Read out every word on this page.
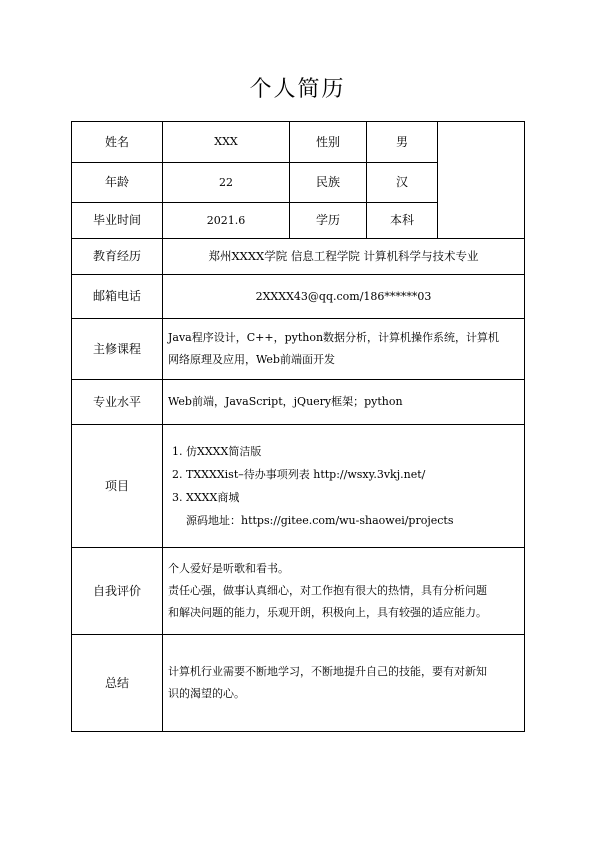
个人简历
姓名	XXX	性别	男	
年龄	22	民族	汉	
毕业时间	2021.6	学历	本科	
教育经历	郑州XXXX学院 信息工程学院 计算机科学与技术专业			
邮箱电话	2XXXX43@qq.com/186******03			
主修课程	Java程序设计，C++，python数据分析，计算机操作系统，计算机
网络原理及应用，Web前端面开发			

专业水平	Web前端，JavaScript，jQuery框架；python			
项目	1. 仿XXXX简洁版
2. TXXXXist–待办事项列表 http://wsxy.3vkj.net/
3. XXXX商城
源码地址：https://gitee.com/wu-shaowei/projects			

自我评价	个人爱好是听歌和看书。
责任心强，做事认真细心，对工作抱有很大的热情，具有分析问题
和解决问题的能力，乐观开朗，积极向上，具有较强的适应能力。			

总结	计算机行业需要不断地学习，不断地提升自己的技能，要有对新知
识的渴望的心。			
